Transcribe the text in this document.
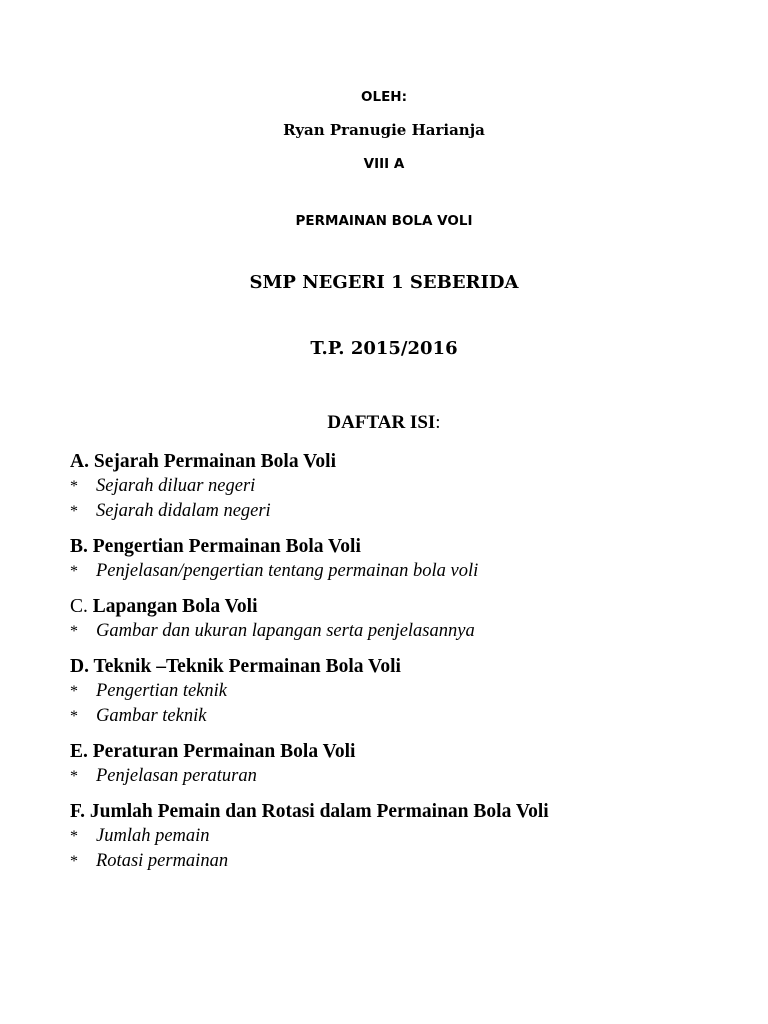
OLEH:
Ryan Pranugie Harianja
VIII A
PERMAINAN BOLA VOLI
SMP NEGERI 1 SEBERIDA
T.P. 2015/2016
DAFTAR ISI:
A. Sejarah Permainan Bola Voli
* Sejarah diluar negeri
* Sejarah didalam negeri
B. Pengertian Permainan Bola Voli
* Penjelasan/pengertian tentang permainan bola voli
C. Lapangan Bola Voli
* Gambar dan ukuran lapangan serta penjelasannya
D. Teknik –Teknik Permainan Bola Voli
* Pengertian teknik
* Gambar teknik
E. Peraturan Permainan Bola Voli
* Penjelasan peraturan
F. Jumlah Pemain dan Rotasi dalam Permainan Bola Voli
* Jumlah pemain
* Rotasi permainan
